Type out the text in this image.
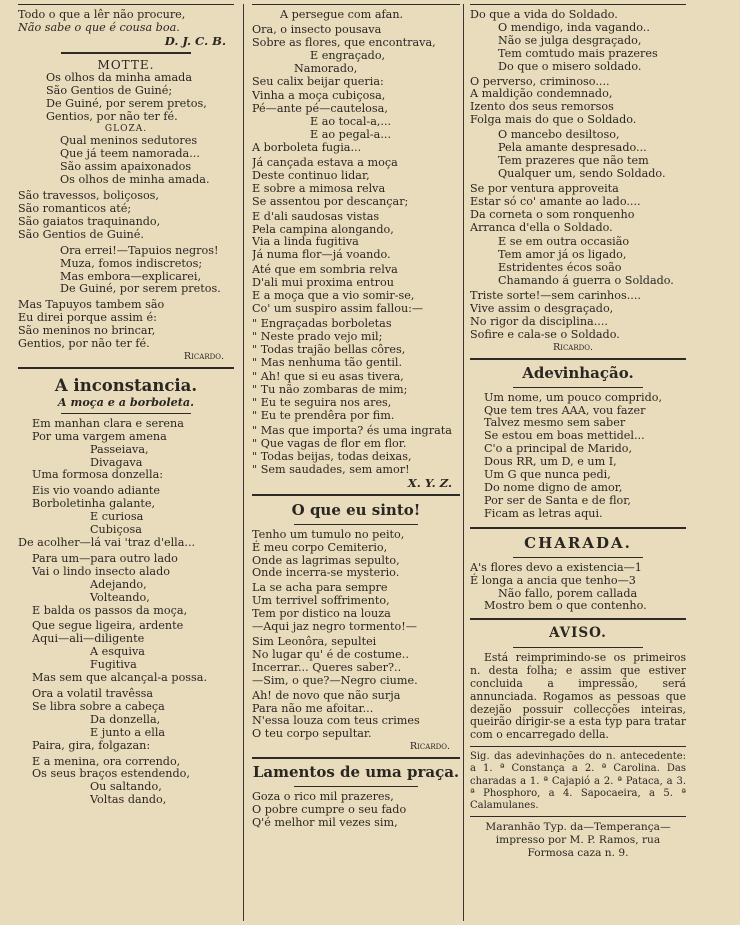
Todo o que a lêr não procure,

Não sabe o que é cousa boa.

D. J. C. B.

MOTTE.

Os olhos da minha amada

São Gentios de Guiné;

De Guiné, por serem pretos,

Gentios, por não ter fé.

GLOZA.

Qual meninos sedutores

Que já teem namorada...

São assim apaixonados

Os olhos de minha amada.

São travessos, boliçosos,

São romanticos até;

São gaiatos traquinando,

São Gentios de Guiné.

Ora errei!—Tapuios negros!

Muza, fomos indiscretos;

Mas embora—explicarei,

De Guiné, por serem pretos.

Mas Tapuyos tambem são

Eu direi porque assim é:

São meninos no brincar,

Gentios, por não ter fé.

Ricardo.

A inconstancia.

A moça e a borboleta.

Em manhan clara e serena

Por uma vargem amena

Passeiava,

Divagava

Uma formosa donzella:

Eis vio voando adiante

Borboletinha galante,

E curiosa

Cubiçosa

De acolher—lá vai 'traz d'ella...

Para um—para outro lado

Vai o lindo insecto alado

Adejando,

Volteando,

E balda os passos da moça,

Que segue ligeira, ardente

Aqui—ali—diligente

A esquiva

Fugitiva

Mas sem que alcançal-a possa.

Ora a volatil travêssa

Se libra sobre a cabeça

Da donzella,

E junto a ella

Paira, gira, folgazan:

E a menina, ora correndo,

Os seus braços estendendo,

Ou saltando,

Voltas dando,

A persegue com afan.

Ora, o insecto pousava

Sobre as flores, que encontrava,

E engraçado,

Namorado,

Seu calix beijar queria:

Vinha a moça cubiçosa,

Pé—ante pé—cautelosa,

E ao tocal-a,...

E ao pegal-a...

A borboleta fugia...

Já cançada estava a moça

Deste continuo lidar,

E sobre a mimosa relva

Se assentou por descançar;

E d'ali saudosas vistas

Pela campina alongando,

Via a linda fugitiva

Já numa flor—já voando.

Até que em sombria relva

D'ali mui proxima entrou

E a moça que a vio somir-se,

Co' um suspiro assim fallou:—

" Engraçadas borboletas

" Neste prado vejo mil;

" Todas trajão bellas côres,

" Mas nenhuma tão gentil.

" Ah! que si eu asas tivera,

" Tu não zombaras de mim;

" Eu te seguira nos ares,

" Eu te prendêra por fim.

" Mas que importa? és uma ingrata

" Que vagas de flor em flor.

" Todas beijas, todas deixas,

" Sem saudades, sem amor!

X. Y. Z.

O que eu sinto!

Tenho um tumulo no peito,

É meu corpo Cemiterio,

Onde as lagrimas sepulto,

Onde incerra-se mysterio.

La se acha para sempre

Um terrivel soffrimento,

Tem por distico na louza

—Aqui jaz negro tormento!—

Sim Leonôra, sepultei

No lugar qu' é de costume..

Incerrar... Queres saber?..

—Sim, o que?—Negro ciume.

Ah! de novo que não surja

Para não me afoitar...

N'essa louza com teus crimes

O teu corpo sepultar.

Ricardo.

Lamentos de uma praça.

Goza o rico mil prazeres,

O pobre cumpre o seu fado

Q'é melhor mil vezes sim,

Do que a vida do Soldado.

O mendigo, inda vagando..

Não se julga desgraçado,

Tem comtudo mais prazeres

Do que o misero soldado.

O perverso, criminoso....

A maldição condemnado,

Izento dos seus remorsos

Folga mais do que o Soldado.

O mancebo desiltoso,

Pela amante despresado...

Tem prazeres que não tem

Qualquer um, sendo Soldado.

Se por ventura approveita

Estar só co' amante ao lado....

Da corneta o som ronquenho

Arranca d'ella o Soldado.

E se em outra occasião

Tem amor já os ligado,

Estridentes écos soão

Chamando á guerra o Soldado.

Triste sorte!—sem carinhos....

Vive assim o desgraçado,

No rigor da disciplina....

Sofire e cala-se o Soldado.

Ricardo.

Adevinhação.

Um nome, um pouco comprido,

Que tem tres AAA, vou fazer

Talvez mesmo sem saber

Se estou em boas mettidel...

C'o a principal de Marido,

Dous RR, um D, e um I,

Um G que nunca pedi,

Do nome digno de amor,

Por ser de Santa e de flor,

Ficam as letras aqui.

CHARADA.

A's flores devo a existencia—1

É longa a ancia que tenho—3

Não fallo, porem callada

Mostro bem o que contenho.

AVISO.

Está reimprimindo-se os primeiros n. desta folha; e assim que estiver concluida a impressão, será annunciada. Rogamos as pessoas que dezejão possuir collecções inteiras, queirão dirigir-se a esta typ para tratar com o encarregado della.

Sig. das adevinhações do n. antecedente: a 1. ª Constança a 2. ª Carolina. Das charadas a 1. ª Cajapió a 2. ª Pataca, a 3. ª Phosphoro, a 4. Sapocaeira, a 5. ª Calamulanes.

Maranhão Typ. da—Temperança—

impresso por M. P. Ramos, rua

Formosa caza n. 9.
